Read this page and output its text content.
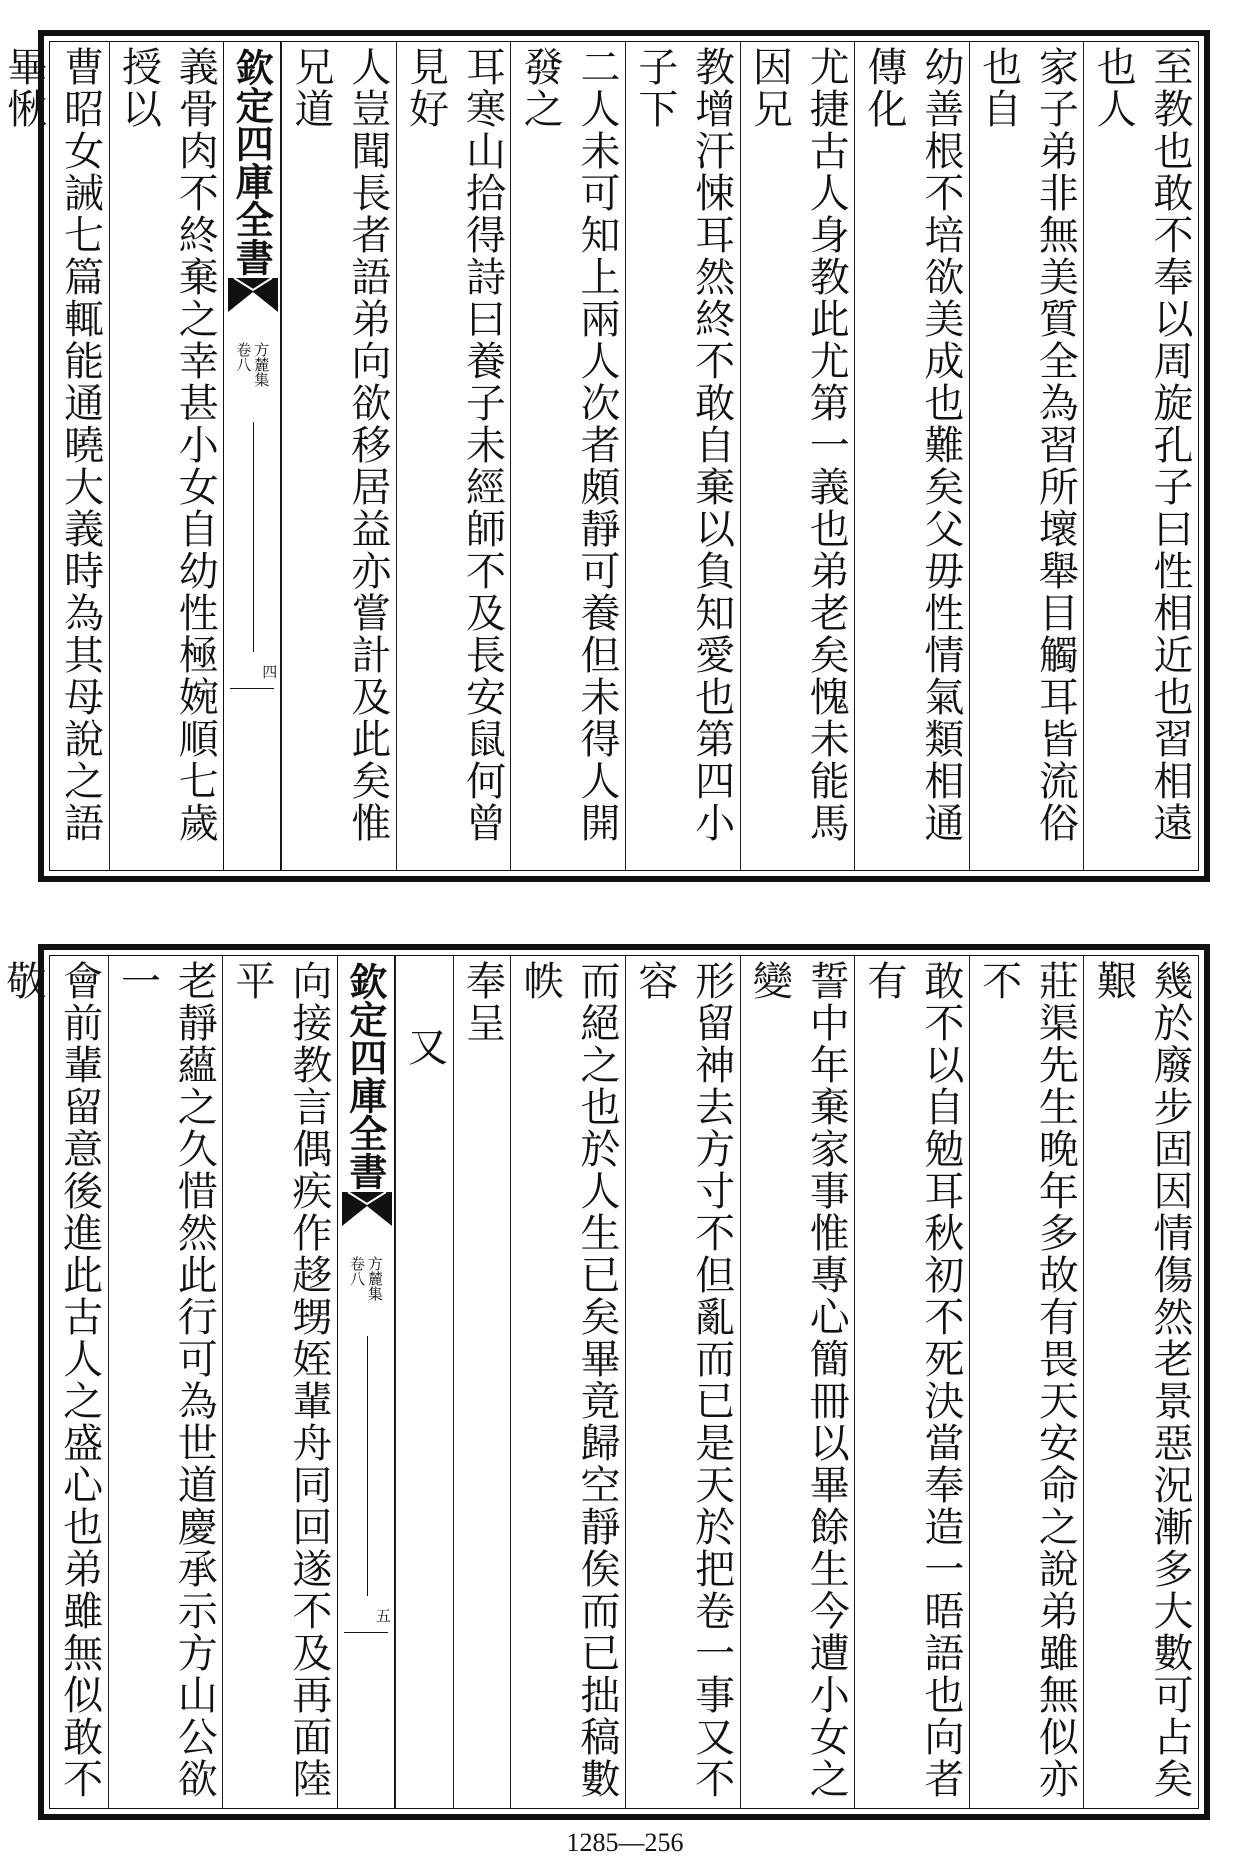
至教也敢不奉以周旋孔子曰性相近也習相遠也人
家子弟非無美質全為習所壞舉目觸耳皆流俗也自
幼善根不培欲美成也難矣父毋性情氣類相通傳化
尤捷古人身教此尤第一義也弟老矣愧未能馬因兄
教增汗悚耳然終不敢自棄以負知愛也第四小子下
二人未可知上兩人次者頗靜可養但未得人開發之
耳寒山拾得詩曰養子未經師不及長安鼠何曾見好
人豈聞長者語弟向欲移居益亦嘗計及此矣惟兄道
欽定四庫全書
方麓集
卷八
四
義骨肉不終棄之幸甚小女自幼性極婉順七歲授以
曹昭女誡七篇輒能通曉大義時為其母說之語畢愀
幾於廢步固因情傷然老景惡況漸多大數可占矣艱
莊渠先生晚年多故有畏天安命之說弟雖無似亦不
敢不以自勉耳秋初不死決當奉造一晤語也向者有
誓中年棄家事惟專心簡冊以畢餘生今遭小女之變
形留神去方寸不但亂而已是天於把卷一事又不容
而絕之也於人生已矣畢竟歸空靜俟而已拙稿數帙
奉呈
又
欽定四庫全書
方麓集
卷八
五
向接教言偶疾作趍甥姪輩舟同回遂不及再面陸平
老靜蘊之久惜然此行可為世道慶承示方山公欲一
會前輩留意後進此古人之盛心也弟雖無似敢不敬
1285—256
